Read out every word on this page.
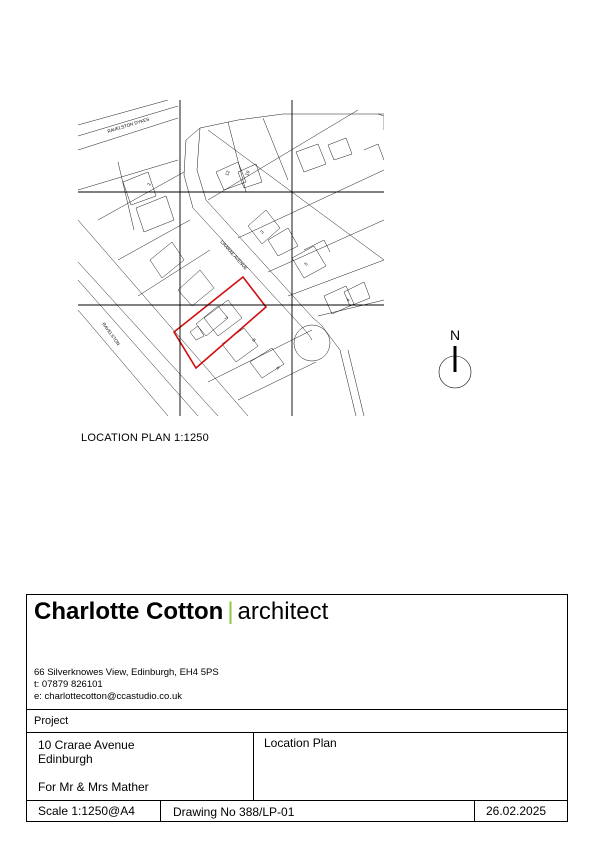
RAVELSTON DYKES
CRARAE AVENUE
RAVELSTON
2
12	10
3
5
4
7
8
6
LOCATION PLAN 1:1250
N
Charlotte Cotton | architect
66 Silverknowes View, Edinburgh, EH4 5PS
t: 07879 826101
e: charlottecotton@ccastudio.co.uk
Project
10 Crarae Avenue
Edinburgh
For Mr & Mrs Mather
Location Plan
Scale 1:1250@A4	Drawing No 388/LP-01	26.02.2025
